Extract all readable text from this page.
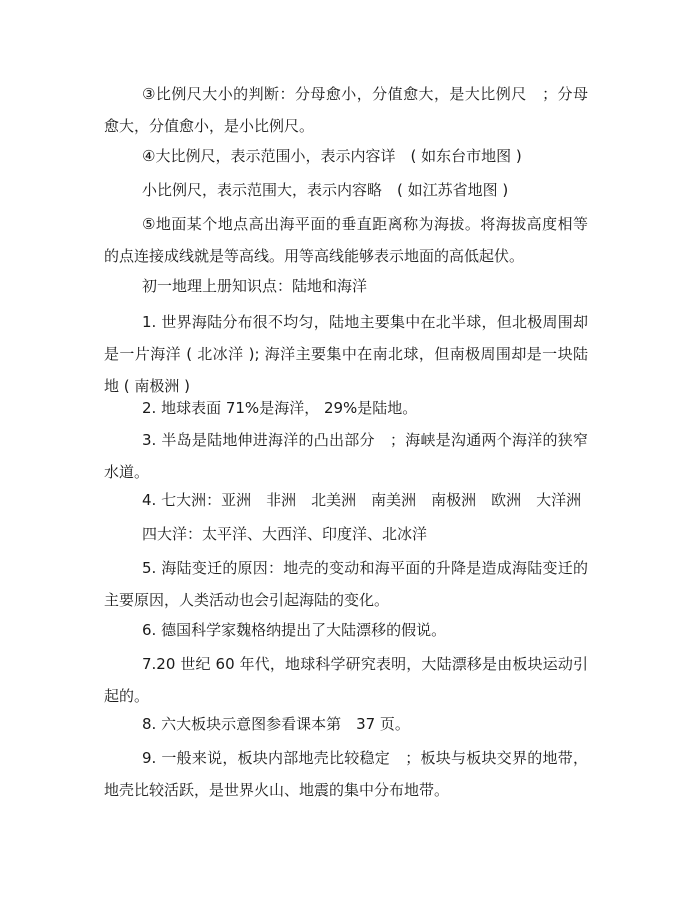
③比例尺大小的判断：分母愈小，分值愈大，是大比例尺　；分母愈大，分值愈小，是小比例尺。

④大比例尺，表示范围小，表示内容详　( 如东台市地图 )

小比例尺，表示范围大，表示内容略　( 如江苏省地图 )

⑤地面某个地点高出海平面的垂直距离称为海拔。将海拔高度相等的点连接成线就是等高线。用等高线能够表示地面的高低起伏。

初一地理上册知识点：陆地和海洋

1. 世界海陆分布很不均匀，陆地主要集中在北半球，但北极周围却是一片海洋 ( 北冰洋 ); 海洋主要集中在南北球，但南极周围却是一块陆地 ( 南极洲 )

2. 地球表面 71%是海洋， 29%是陆地。

3. 半岛是陆地伸进海洋的凸出部分　；海峡是沟通两个海洋的狭窄水道。

4. 七大洲：亚洲　非洲　北美洲　南美洲　南极洲　欧洲　大洋洲

四大洋：太平洋、大西洋、印度洋、北冰洋

5. 海陆变迁的原因：地壳的变动和海平面的升降是造成海陆变迁的主要原因，人类活动也会引起海陆的变化。

6. 德国科学家魏格纳提出了大陆漂移的假说。

7.20 世纪 60 年代，地球科学研究表明，大陆漂移是由板块运动引起的。

8. 六大板块示意图参看课本第　37 页。

9. 一般来说，板块内部地壳比较稳定　；板块与板块交界的地带，地壳比较活跃，是世界火山、地震的集中分布地带。
